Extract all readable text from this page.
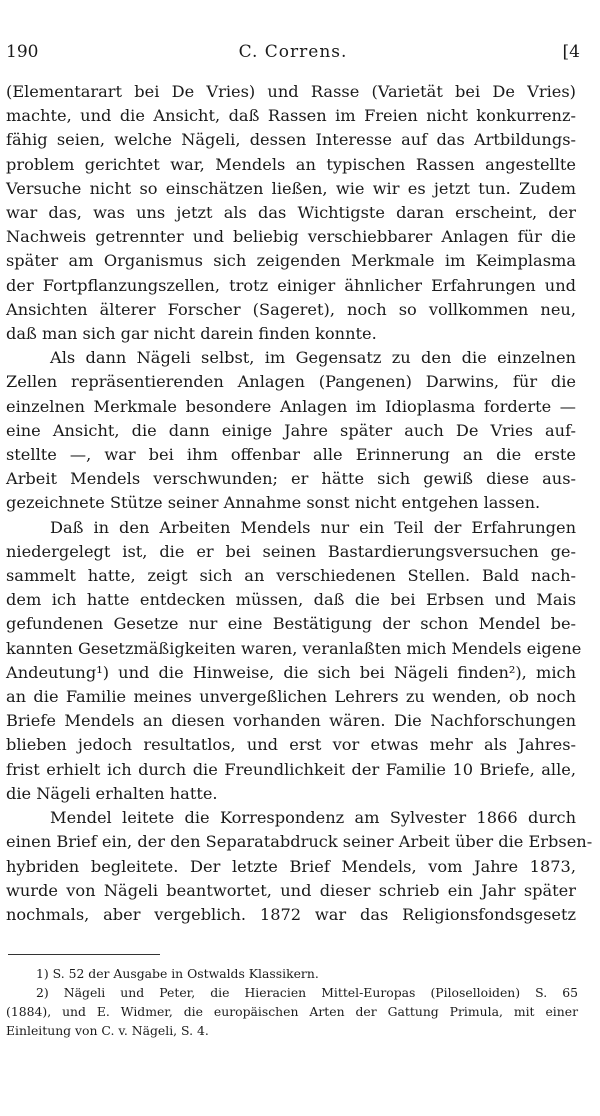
190	C. Correns.	[4
(Elementarart bei De Vries) und Rasse (Varietät bei De Vries)
machte, und die Ansicht, daß Rassen im Freien nicht konkurrenz-
fähig seien, welche Nägeli, dessen Interesse auf das Artbildungs-
problem gerichtet war, Mendels an typischen Rassen angestellte
Versuche nicht so einschätzen ließen, wie wir es jetzt tun. Zudem
war das, was uns jetzt als das Wichtigste daran erscheint, der
Nachweis getrennter und beliebig verschiebbarer Anlagen für die
später am Organismus sich zeigenden Merkmale im Keimplasma
der Fortpflanzungszellen, trotz einiger ähnlicher Erfahrungen und
Ansichten älterer Forscher (Sageret), noch so vollkommen neu,
daß man sich gar nicht darein finden konnte.
Als dann Nägeli selbst, im Gegensatz zu den die einzelnen
Zellen repräsentierenden Anlagen (Pangenen) Darwins, für die
einzelnen Merkmale besondere Anlagen im Idioplasma forderte —
eine Ansicht, die dann einige Jahre später auch De Vries auf-
stellte —, war bei ihm offenbar alle Erinnerung an die erste
Arbeit Mendels verschwunden; er hätte sich gewiß diese aus-
gezeichnete Stütze seiner Annahme sonst nicht entgehen lassen.
Daß in den Arbeiten Mendels nur ein Teil der Erfahrungen
niedergelegt ist, die er bei seinen Bastardierungsversuchen ge-
sammelt hatte, zeigt sich an verschiedenen Stellen. Bald nach-
dem ich hatte entdecken müssen, daß die bei Erbsen und Mais
gefundenen Gesetze nur eine Bestätigung der schon Mendel be-
kannten Gesetzmäßigkeiten waren, veranlaßten mich Mendels eigene
Andeutung¹) und die Hinweise, die sich bei Nägeli finden²), mich
an die Familie meines unvergeßlichen Lehrers zu wenden, ob noch
Briefe Mendels an diesen vorhanden wären. Die Nachforschungen
blieben jedoch resultatlos, und erst vor etwas mehr als Jahres-
frist erhielt ich durch die Freundlichkeit der Familie 10 Briefe, alle,
die Nägeli erhalten hatte.
Mendel leitete die Korrespondenz am Sylvester 1866 durch
einen Brief ein, der den Separatabdruck seiner Arbeit über die Erbsen-
hybriden begleitete. Der letzte Brief Mendels, vom Jahre 1873,
wurde von Nägeli beantwortet, und dieser schrieb ein Jahr später
nochmals, aber vergeblich. 1872 war das Religionsfondsgesetz
1) S. 52 der Ausgabe in Ostwalds Klassikern.
2) Nägeli und Peter, die Hieracien Mittel-Europas (Piloselloiden) S. 65
(1884), und E. Widmer, die europäischen Arten der Gattung Primula, mit einer
Einleitung von C. v. Nägeli, S. 4.
